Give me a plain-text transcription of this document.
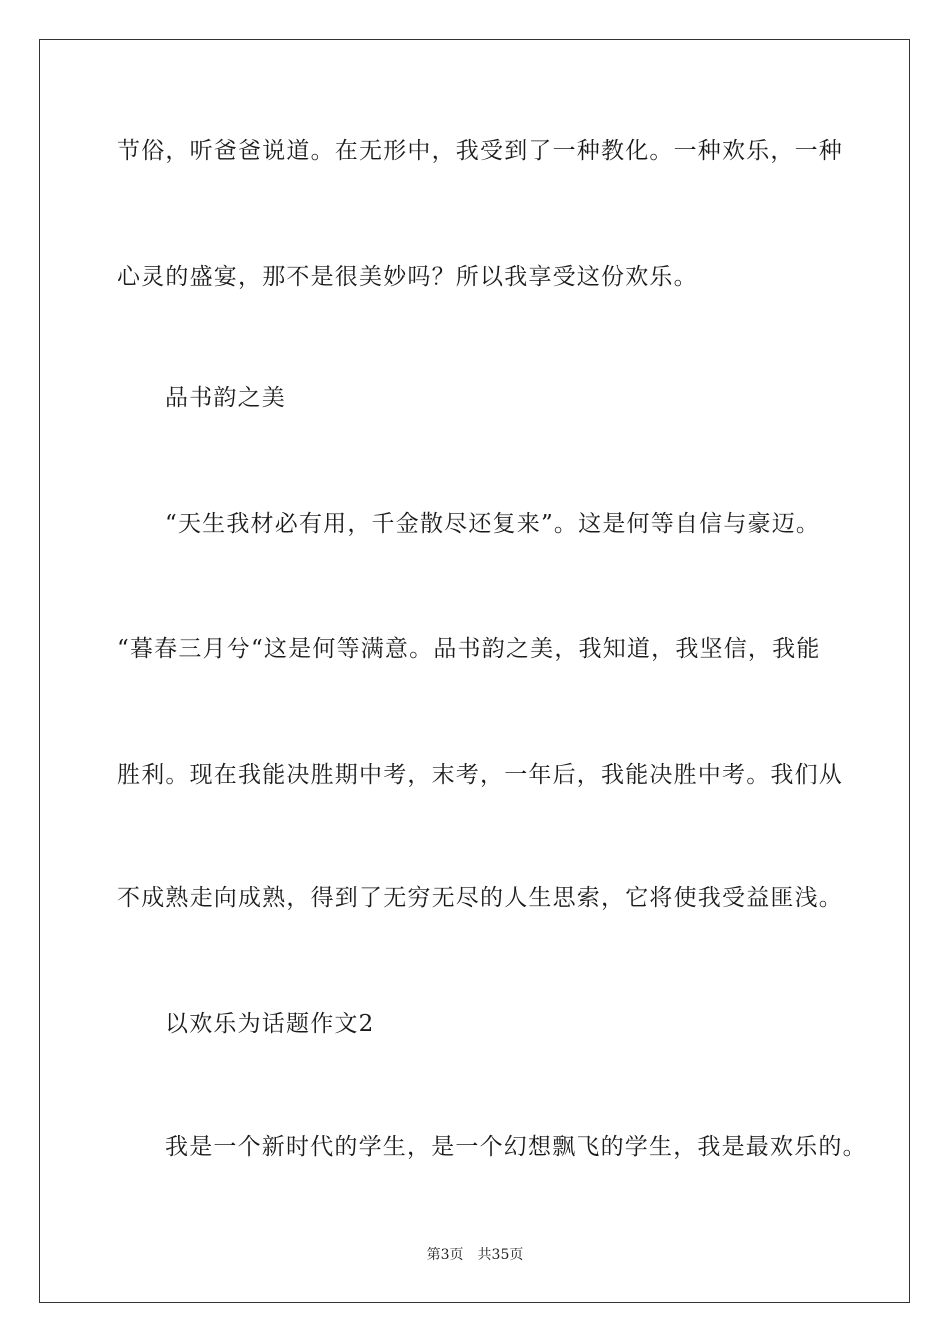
节俗，听爸爸说道。在无形中，我受到了一种教化。一种欢乐，一种
心灵的盛宴，那不是很美妙吗？所以我享受这份欢乐。
品书韵之美
“天生我材必有用，千金散尽还复来”。这是何等自信与豪迈。
“暮春三月兮“这是何等满意。品书韵之美，我知道，我坚信，我能
胜利。现在我能决胜期中考，末考，一年后，我能决胜中考。我们从
不成熟走向成熟，得到了无穷无尽的人生思索，它将使我受益匪浅。
以欢乐为话题作文2
我是一个新时代的学生，是一个幻想飘飞的学生，我是最欢乐的。
第3页 共35页
